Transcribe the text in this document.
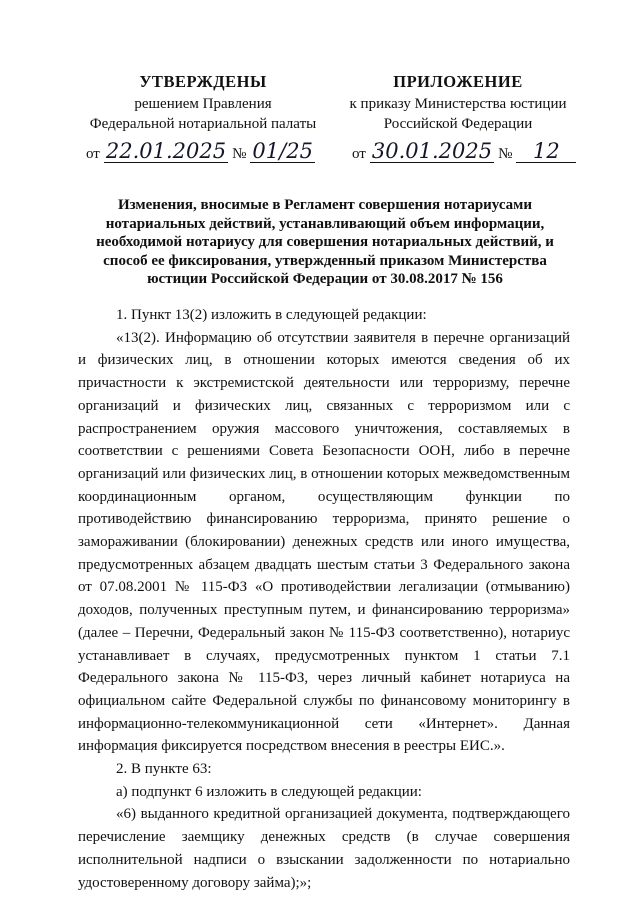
УТВЕРЖДЕНЫ
решением Правления
Федеральной нотариальной палаты
ПРИЛОЖЕНИЕ
к приказу Министерства юстиции
Российской Федерации
от 22.01.2025 № 01/25	от 30.01.2025 № 12
Изменения, вносимые в Регламент совершения нотариусами нотариальных действий, устанавливающий объем информации, необходимой нотариусу для совершения нотариальных действий, и способ ее фиксирования, утвержденный приказом Министерства юстиции Российской Федерации от 30.08.2017 № 156

1. Пункт 13(2) изложить в следующей редакции:

«13(2). Информацию об отсутствии заявителя в перечне организаций и физических лиц, в отношении которых имеются сведения об их причастности к экстремистской деятельности или терроризму, перечне организаций и физических лиц, связанных с терроризмом или с распространением оружия массового уничтожения, составляемых в соответствии с решениями Совета Безопасности ООН, либо в перечне организаций или физических лиц, в отношении которых межведомственным координационным органом, осуществляющим функции по противодействию финансированию терроризма, принято решение о замораживании (блокировании) денежных средств или иного имущества, предусмотренных абзацем двадцать шестым статьи 3 Федерального закона от 07.08.2001 № 115-ФЗ «О противодействии легализации (отмыванию) доходов, полученных преступным путем, и финансированию терроризма» (далее – Перечни, Федеральный закон № 115-ФЗ соответственно), нотариус устанавливает в случаях, предусмотренных пунктом 1 статьи 7.1 Федерального закона № 115-ФЗ, через личный кабинет нотариуса на официальном сайте Федеральной службы по финансовому мониторингу в информационно-телекоммуникационной сети «Интернет». Данная информация фиксируется посредством внесения в реестры ЕИС.».

2. В пункте 63:

а) подпункт 6 изложить в следующей редакции:

«6) выданного кредитной организацией документа, подтверждающего перечисление заемщику денежных средств (в случае совершения исполнительной надписи о взыскании задолженности по нотариально удостоверенному договору займа);»;
